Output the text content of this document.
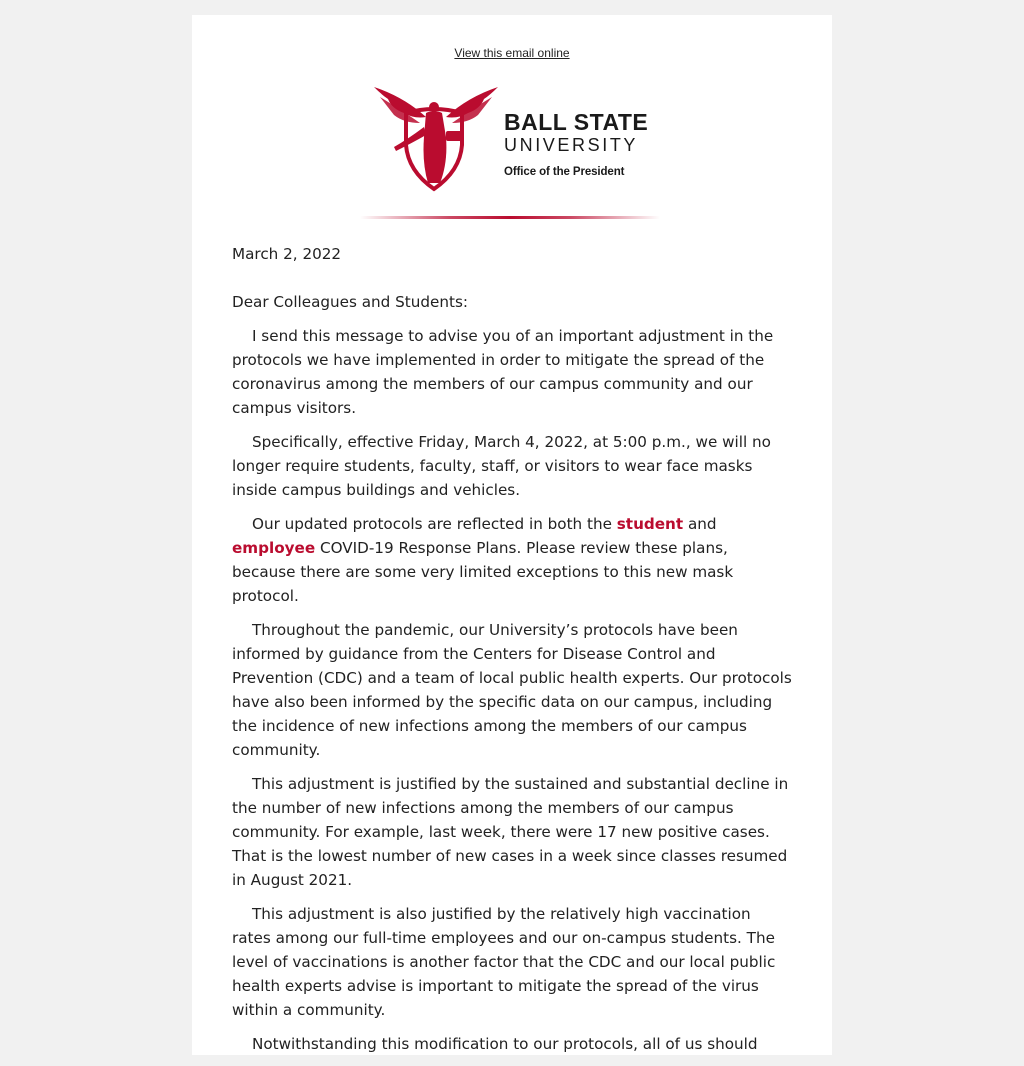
View this email online
BALL STATE
UNIVERSITY
Office of the President

March 2, 2022

Dear Colleagues and Students:

I send this message to advise you of an important adjustment in the protocols we have implemented in order to mitigate the spread of the coronavirus among the members of our campus community and our campus visitors.

Specifically, effective Friday, March 4, 2022, at 5:00 p.m., we will no longer require students, faculty, staff, or visitors to wear face masks inside campus buildings and vehicles.

Our updated protocols are reflected in both the student and employee COVID-19 Response Plans. Please review these plans, because there are some very limited exceptions to this new mask protocol.

Throughout the pandemic, our University’s protocols have been informed by guidance from the Centers for Disease Control and Prevention (CDC) and a team of local public health experts. Our protocols have also been informed by the specific data on our campus, including the incidence of new infections among the members of our campus community.

This adjustment is justified by the sustained and substantial decline in the number of new infections among the members of our campus community. For example, last week, there were 17 new positive cases. That is the lowest number of new cases in a week since classes resumed in August 2021.

This adjustment is also justified by the relatively high vaccination rates among our full-time employees and our on-campus students. The level of vaccinations is another factor that the CDC and our local public health experts advise is important to mitigate the spread of the virus within a community.

Notwithstanding this modification to our protocols, all of us should
